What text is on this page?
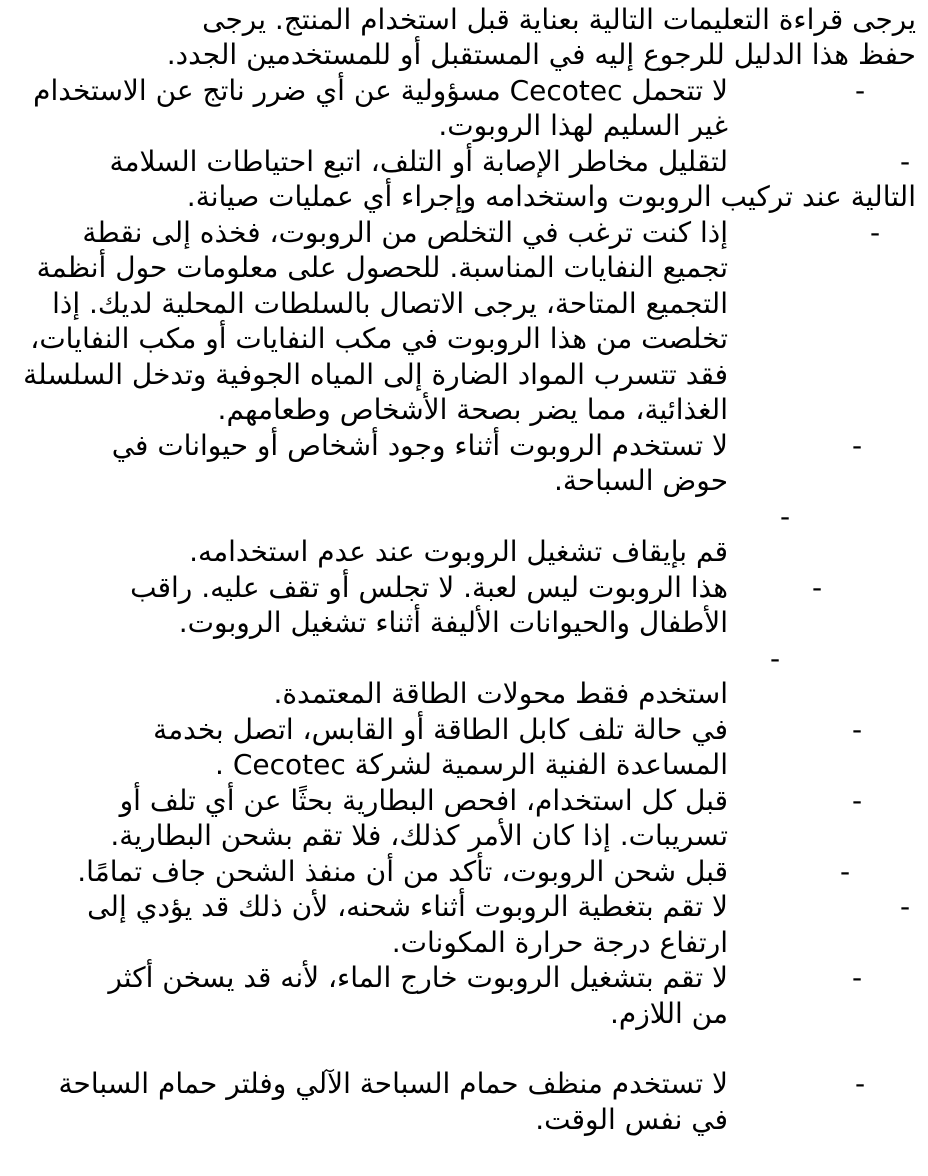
يرجى قراءة التعليمات التالية بعناية قبل استخدام المنتج. يرجى
حفظ هذا الدليل للرجوع إليه في المستقبل أو للمستخدمين الجدد.
-
لا تتحمل Cecotec مسؤولية عن أي ضرر ناتج عن الاستخدام
غير السليم لهذا الروبوت.
-
لتقليل مخاطر الإصابة أو التلف، اتبع احتياطات السلامة
التالية عند تركيب الروبوت واستخدامه وإجراء أي عمليات صيانة.
-
إذا كنت ترغب في التخلص من الروبوت، فخذه إلى نقطة
تجميع النفايات المناسبة. للحصول على معلومات حول أنظمة
التجميع المتاحة، يرجى الاتصال بالسلطات المحلية لديك. إذا
تخلصت من هذا الروبوت في مكب النفايات أو مكب النفايات،
فقد تتسرب المواد الضارة إلى المياه الجوفية وتدخل السلسلة
الغذائية، مما يضر بصحة الأشخاص وطعامهم.
-
لا تستخدم الروبوت أثناء وجود أشخاص أو حيوانات في
حوض السباحة.
-
قم بإيقاف تشغيل الروبوت عند عدم استخدامه.
-
هذا الروبوت ليس لعبة. لا تجلس أو تقف عليه. راقب
الأطفال والحيوانات الأليفة أثناء تشغيل الروبوت.
-
استخدم فقط محولات الطاقة المعتمدة.
-
في حالة تلف كابل الطاقة أو القابس، اتصل بخدمة
المساعدة الفنية الرسمية لشركة Cecotec .
-
قبل كل استخدام، افحص البطارية بحثًا عن أي تلف أو
تسريبات. إذا كان الأمر كذلك، فلا تقم بشحن البطارية.
-
قبل شحن الروبوت، تأكد من أن منفذ الشحن جاف تمامًا.
-
لا تقم بتغطية الروبوت أثناء شحنه، لأن ذلك قد يؤدي إلى
ارتفاع درجة حرارة المكونات.
-
لا تقم بتشغيل الروبوت خارج الماء، لأنه قد يسخن أكثر
من اللازم.
-
لا تستخدم منظف حمام السباحة الآلي وفلتر حمام السباحة
في نفس الوقت.
